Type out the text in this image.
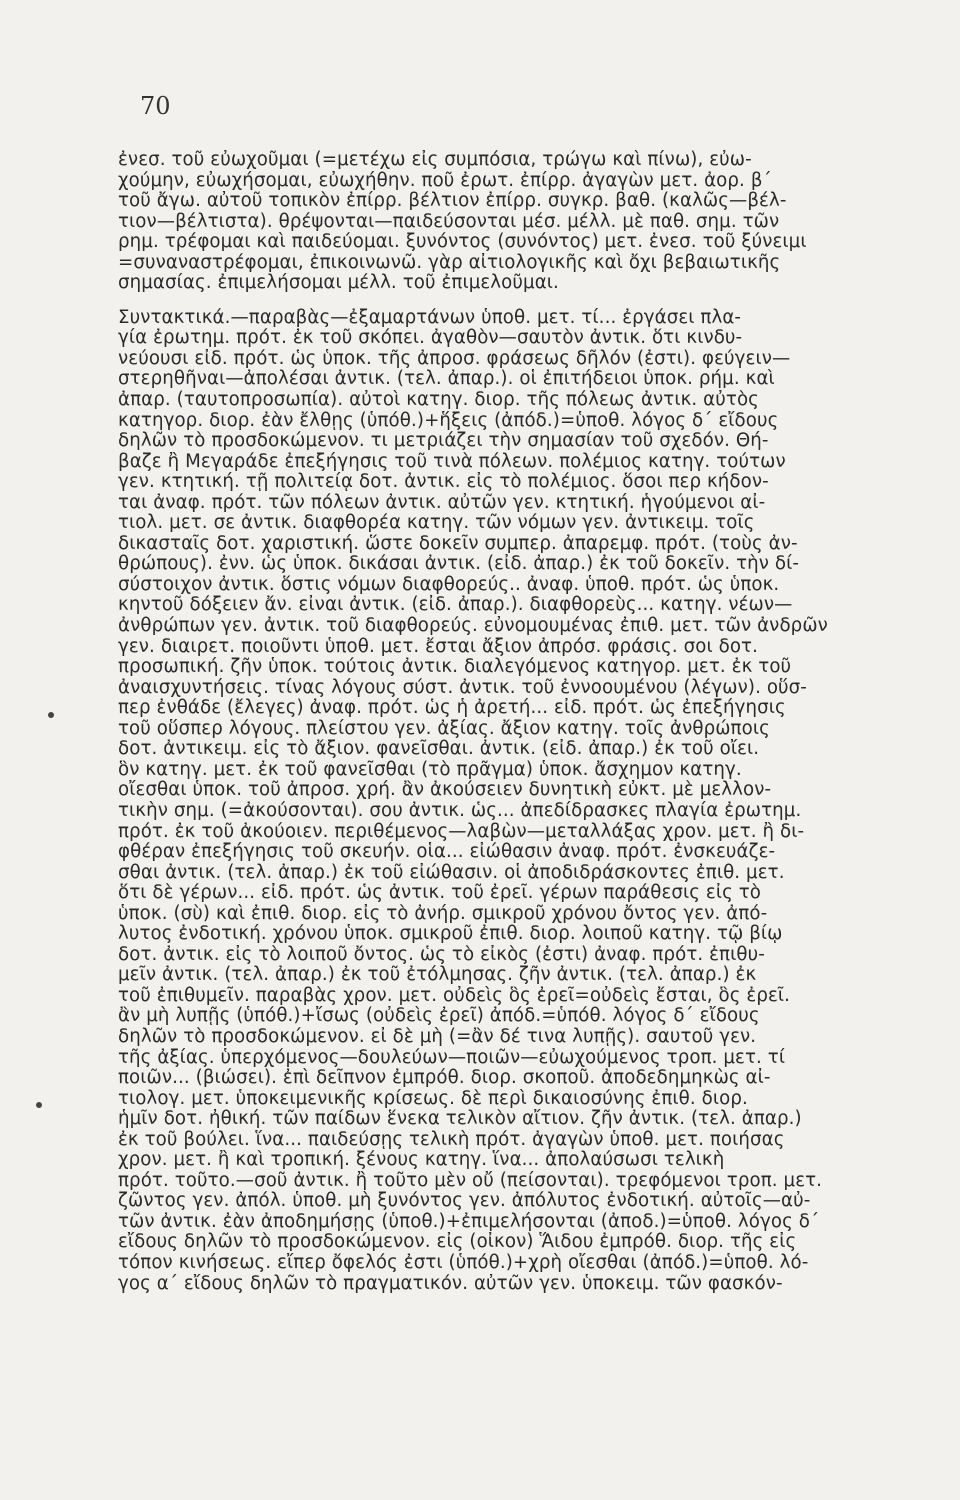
70
ἐνεσ. τοῦ εὐωχοῦμαι (=μετέχω εἰς συμπόσια, τρώγω καὶ πίνω), εὐω-
χούμην, εὐωχήσομαι, εὐωχήθην. ποῦ ἐρωτ. ἐπίρρ. ἀγαγὼν μετ. ἀορ. β´
τοῦ ἄγω. αὐτοῦ τοπικὸν ἐπίρρ. βέλτιον ἐπίρρ. συγκρ. βαθ. (καλῶς—βέλ-
τιον—βέλτιστα). θρέψονται—παιδεύσονται μέσ. μέλλ. μὲ παθ. σημ. τῶν
ρημ. τρέφομαι καὶ παιδεύομαι. ξυνόντος (συνόντος) μετ. ἐνεσ. τοῦ ξύνειμι
=συναναστρέφομαι, ἐπικοινωνῶ. γὰρ αἰτιολογικῆς καὶ ὄχι βεβαιωτικῆς
σημασίας. ἐπιμελήσομαι μέλλ. τοῦ ἐπιμελοῦμαι.
Συντακτικά.—παραβὰς—ἐξαμαρτάνων ὑποθ. μετ. τί... ἐργάσει πλα-
γία ἐρωτημ. πρότ. ἐκ τοῦ σκόπει. ἀγαθὸν—σαυτὸν ἀντικ. ὅτι κινδυ-
νεύουσι εἰδ. πρότ. ὡς ὑποκ. τῆς ἀπροσ. φράσεως δῆλόν (ἐστι). φεύγειν—
στερηθῆναι—ἀπολέσαι ἀντικ. (τελ. ἀπαρ.). οἱ ἐπιτήδειοι ὑποκ. ρήμ. καὶ
ἀπαρ. (ταυτοπροσωπία). αὐτοὶ κατηγ. διορ. τῆς πόλεως ἀντικ. αὐτὸς
κατηγορ. διορ. ἐὰν ἔλθῃς (ὑπόθ.)+ἥξεις (ἀπόδ.)=ὑποθ. λόγος δ´ εἴδους
δηλῶν τὸ προσδοκώμενον. τι μετριάζει τὴν σημασίαν τοῦ σχεδόν. Θή-
βαζε ἢ Μεγαράδε ἐπεξήγησις τοῦ τινὰ πόλεων. πολέμιος κατηγ. τούτων
γεν. κτητική. τῇ πολιτείᾳ δοτ. ἀντικ. εἰς τὸ πολέμιος. ὅσοι περ κήδον-
ται ἀναφ. πρότ. τῶν πόλεων ἀντικ. αὐτῶν γεν. κτητική. ἡγούμενοι αἰ-
τιολ. μετ. σε ἀντικ. διαφθορέα κατηγ. τῶν νόμων γεν. ἀντικειμ. τοῖς
δικασταῖς δοτ. χαριστική. ὥστε δοκεῖν συμπερ. ἀπαρεμφ. πρότ. (τοὺς ἀν-
θρώπους). ἐνν. ὡς ὑποκ. δικάσαι ἀντικ. (εἰδ. ἀπαρ.) ἐκ τοῦ δοκεῖν. τὴν δί-
σύστοιχον ἀντικ. ὅστις νόμων διαφθορεύς.. ἀναφ. ὑποθ. πρότ. ὡς ὑποκ.
κηντοῦ δόξειεν ἄν. εἶναι ἀντικ. (εἰδ. ἀπαρ.). διαφθορεὺς... κατηγ. νέων—
ἀνθρώπων γεν. ἀντικ. τοῦ διαφθορεύς. εὐνομουμένας ἐπιθ. μετ. τῶν ἀνδρῶν
γεν. διαιρετ. ποιοῦντι ὑποθ. μετ. ἔσται ἄξιον ἀπρόσ. φράσις. σοι δοτ.
προσωπική. ζῆν ὑποκ. τούτοις ἀντικ. διαλεγόμενος κατηγορ. μετ. ἐκ τοῦ
ἀναισχυντήσεις. τίνας λόγους σύστ. ἀντικ. τοῦ ἐννοουμένου (λέγων). οὕσ-
περ ἐνθάδε (ἔλεγες) ἀναφ. πρότ. ὡς ἡ ἀρετή... εἰδ. πρότ. ὡς ἐπεξήγησις
τοῦ οὕσπερ λόγους. πλείστου γεν. ἀξίας. ἄξιον κατηγ. τοῖς ἀνθρώποις
δοτ. ἀντικειμ. εἰς τὸ ἄξιον. φανεῖσθαι. ἀντικ. (εἰδ. ἀπαρ.) ἐκ τοῦ οἴει.
ὃν κατηγ. μετ. ἐκ τοῦ φανεῖσθαι (τὸ πρᾶγμα) ὑποκ. ἄσχημον κατηγ.
οἴεσθαι ὑποκ. τοῦ ἀπροσ. χρή. ἂν ἀκούσειεν δυνητικὴ εὐκτ. μὲ μελλον-
τικὴν σημ. (=ἀκούσονται). σου ἀντικ. ὡς... ἀπεδίδρασκες πλαγία ἐρωτημ.
πρότ. ἐκ τοῦ ἀκούοιεν. περιθέμενος—λαβὼν—μεταλλάξας χρον. μετ. ἢ δι-
φθέραν ἐπεξήγησις τοῦ σκευήν. οἷα... εἰώθασιν ἀναφ. πρότ. ἐνσκευάζε-
σθαι ἀντικ. (τελ. ἀπαρ.) ἐκ τοῦ εἰώθασιν. οἱ ἀποδιδράσκοντες ἐπιθ. μετ.
ὅτι δὲ γέρων... εἰδ. πρότ. ὡς ἀντικ. τοῦ ἐρεῖ. γέρων παράθεσις εἰς τὸ
ὑποκ. (σὺ) καὶ ἐπιθ. διορ. εἰς τὸ ἀνήρ. σμικροῦ χρόνου ὄντος γεν. ἀπό-
λυτος ἐνδοτική. χρόνου ὑποκ. σμικροῦ ἐπιθ. διορ. λοιποῦ κατηγ. τῷ βίῳ
δοτ. ἀντικ. εἰς τὸ λοιποῦ ὄντος. ὡς τὸ εἰκὸς (ἐστι) ἀναφ. πρότ. ἐπιθυ-
μεῖν ἀντικ. (τελ. ἀπαρ.) ἐκ τοῦ ἐτόλμησας. ζῆν ἀντικ. (τελ. ἀπαρ.) ἐκ
τοῦ ἐπιθυμεῖν. παραβὰς χρον. μετ. οὐδεὶς ὃς ἐρεῖ=οὐδεὶς ἔσται, ὃς ἐρεῖ.
ἂν μὴ λυπῇς (ὑπόθ.)+ἴσως (οὐδεὶς ἐρεῖ) ἀπόδ.=ὑπόθ. λόγος δ´ εἴδους
δηλῶν τὸ προσδοκώμενον. εἰ δὲ μὴ (=ἂν δέ τινα λυπῇς). σαυτοῦ γεν.
τῆς ἀξίας. ὑπερχόμενος—δουλεύων—ποιῶν—εὐωχούμενος τροπ. μετ. τί
ποιῶν... (βιώσει). ἐπὶ δεῖπνον ἐμπρόθ. διορ. σκοποῦ. ἀποδεδημηκὼς αἰ-
τιολογ. μετ. ὑποκειμενικῆς κρίσεως. δὲ περὶ δικαιοσύνης ἐπιθ. διορ.
ἡμῖν δοτ. ἠθική. τῶν παίδων ἕνεκα τελικὸν αἴτιον. ζῆν ἀντικ. (τελ. ἀπαρ.)
ἐκ τοῦ βούλει. ἵνα... παιδεύσῃς τελικὴ πρότ. ἀγαγὼν ὑποθ. μετ. ποιήσας
χρον. μετ. ἢ καὶ τροπική. ξένους κατηγ. ἵνα... ἀπολαύσωσι τελικὴ
πρότ. τοῦτο.—σοῦ ἀντικ. ἢ τοῦτο μὲν οὔ (πείσονται). τρεφόμενοι τροπ. μετ.
ζῶντος γεν. ἀπόλ. ὑποθ. μὴ ξυνόντος γεν. ἀπόλυτος ἐνδοτική. αὐτοῖς—αὐ-
τῶν ἀντικ. ἐὰν ἀποδημήσῃς (ὑποθ.)+ἐπιμελήσονται (ἀποδ.)=ὑποθ. λόγος δ´
εἴδους δηλῶν τὸ προσδοκώμενον. εἰς (οἶκον) Ἅιδου ἐμπρόθ. διορ. τῆς εἰς
τόπον κινήσεως. εἴπερ ὄφελός ἐστι (ὑπόθ.)+χρὴ οἴεσθαι (ἀπόδ.)=ὑποθ. λό-
γος α´ εἴδους δηλῶν τὸ πραγματικόν. αὐτῶν γεν. ὑποκειμ. τῶν φασκόν-
